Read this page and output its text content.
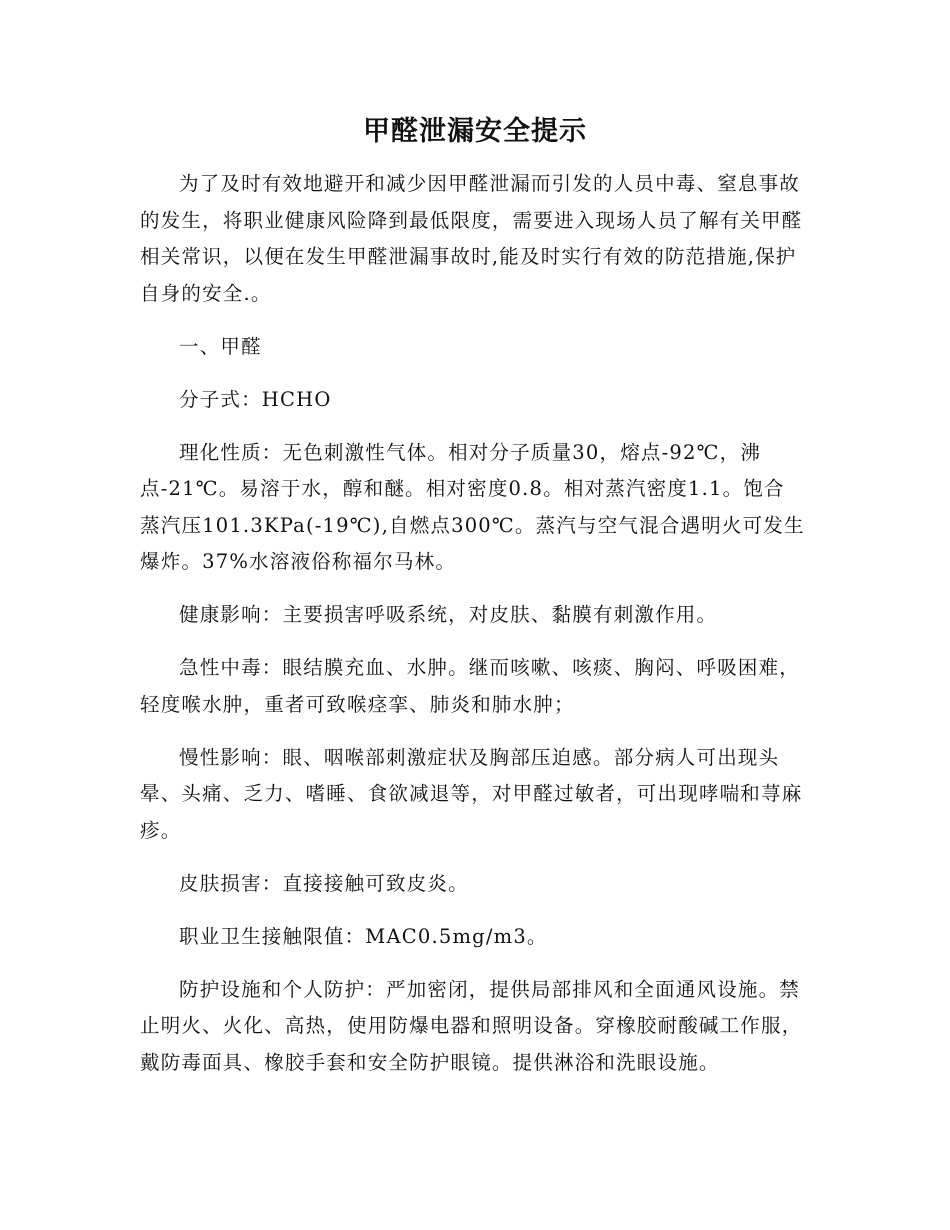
甲醛泄漏安全提示

为了及时有效地避开和减少因甲醛泄漏而引发的人员中毒、窒息事故的发生，将职业健康风险降到最低限度，需要进入现场人员了解有关甲醛相关常识，以便在发生甲醛泄漏事故时,能及时实行有效的防范措施,保护自身的安全.。

一、甲醛

分子式：HCHO

理化性质：无色刺激性气体。相对分子质量30，熔点-92℃，沸点-21℃。易溶于水，醇和醚。相对密度0.8。相对蒸汽密度1.1。饱合蒸汽压101.3KPa(-19℃),自燃点300℃。蒸汽与空气混合遇明火可发生爆炸。37%水溶液俗称福尔马林。

健康影响：主要损害呼吸系统，对皮肤、黏膜有刺激作用。

急性中毒：眼结膜充血、水肿。继而咳嗽、咳痰、胸闷、呼吸困难，轻度喉水肿，重者可致喉痉挛、肺炎和肺水肿；

慢性影响：眼、咽喉部刺激症状及胸部压迫感。部分病人可出现头晕、头痛、乏力、嗜睡、食欲减退等，对甲醛过敏者，可出现哮喘和荨麻疹。

皮肤损害：直接接触可致皮炎。

职业卫生接触限值：MAC0.5mg/m3。

防护设施和个人防护：严加密闭，提供局部排风和全面通风设施。禁止明火、火化、高热，使用防爆电器和照明设备。穿橡胶耐酸碱工作服，戴防毒面具、橡胶手套和安全防护眼镜。提供淋浴和洗眼设施。
